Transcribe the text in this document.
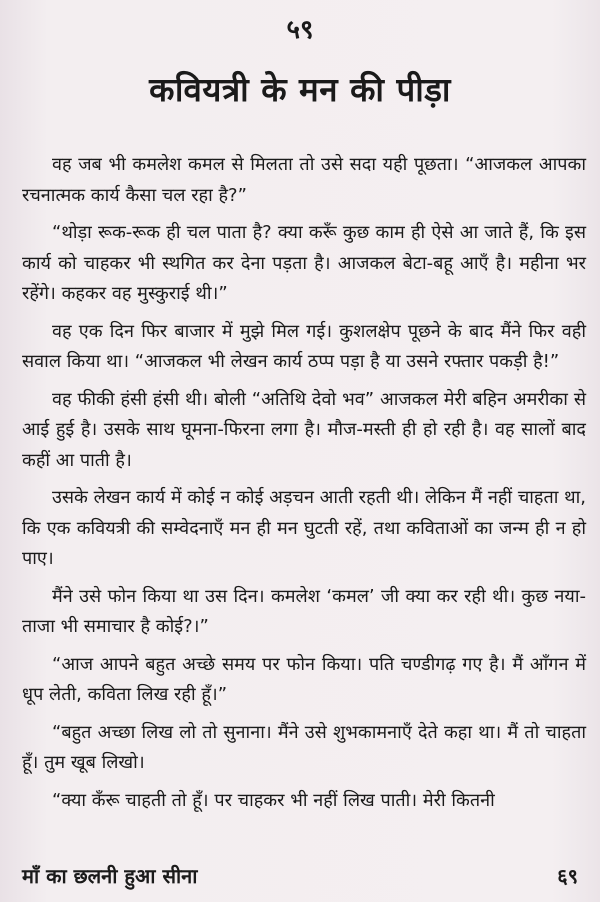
५९
कवियत्री के मन की पीड़ा

वह जब भी कमलेश कमल से मिलता तो उसे सदा यही पूछता। “आजकल आपका रचनात्मक कार्य कैसा चल रहा है?”

“थोड़ा रूक-रूक ही चल पाता है? क्या करूँ कुछ काम ही ऐसे आ जाते हैं, कि इस कार्य को चाहकर भी स्थगित कर देना पड़ता है। आजकल बेटा-बहू आएँ है। महीना भर रहेंगे। कहकर वह मुस्कुराई थी।”

वह एक दिन फिर बाजार में मुझे मिल गई। कुशलक्षेप पूछने के बाद मैंने फिर वही सवाल किया था। “आजकल भी लेखन कार्य ठप्प पड़ा है या उसने रफ्तार पकड़ी है!”

वह फीकी हंसी हंसी थी। बोली “अतिथि देवो भव” आजकल मेरी बहिन अमरीका से आई हुई है। उसके साथ घूमना-फिरना लगा है। मौज-मस्ती ही हो रही है। वह सालों बाद कहीं आ पाती है।

उसके लेखन कार्य में कोई न कोई अड़चन आती रहती थी। लेकिन मैं नहीं चाहता था, कि एक कवियत्री की सम्वेदनाएँ मन ही मन घुटती रहें, तथा कविताओं का जन्म ही न हो पाए।

मैंने उसे फोन किया था उस दिन। कमलेश ‘कमल’ जी क्या कर रही थी। कुछ नया-ताजा भी समाचार है कोई?।”

“आज आपने बहुत अच्छे समय पर फोन किया। पति चण्डीगढ़ गए है। मैं आँगन में धूप लेती, कविता लिख रही हूँ।”

“बहुत अच्छा लिख लो तो सुनाना। मैंने उसे शुभकामनाएँ देते कहा था। मैं तो चाहता हूँ। तुम खूब लिखो।

“क्या कँरू चाहती तो हूँ। पर चाहकर भी नहीं लिख पाती। मेरी कितनी

माँ का छलनी हुआ सीना	६९
